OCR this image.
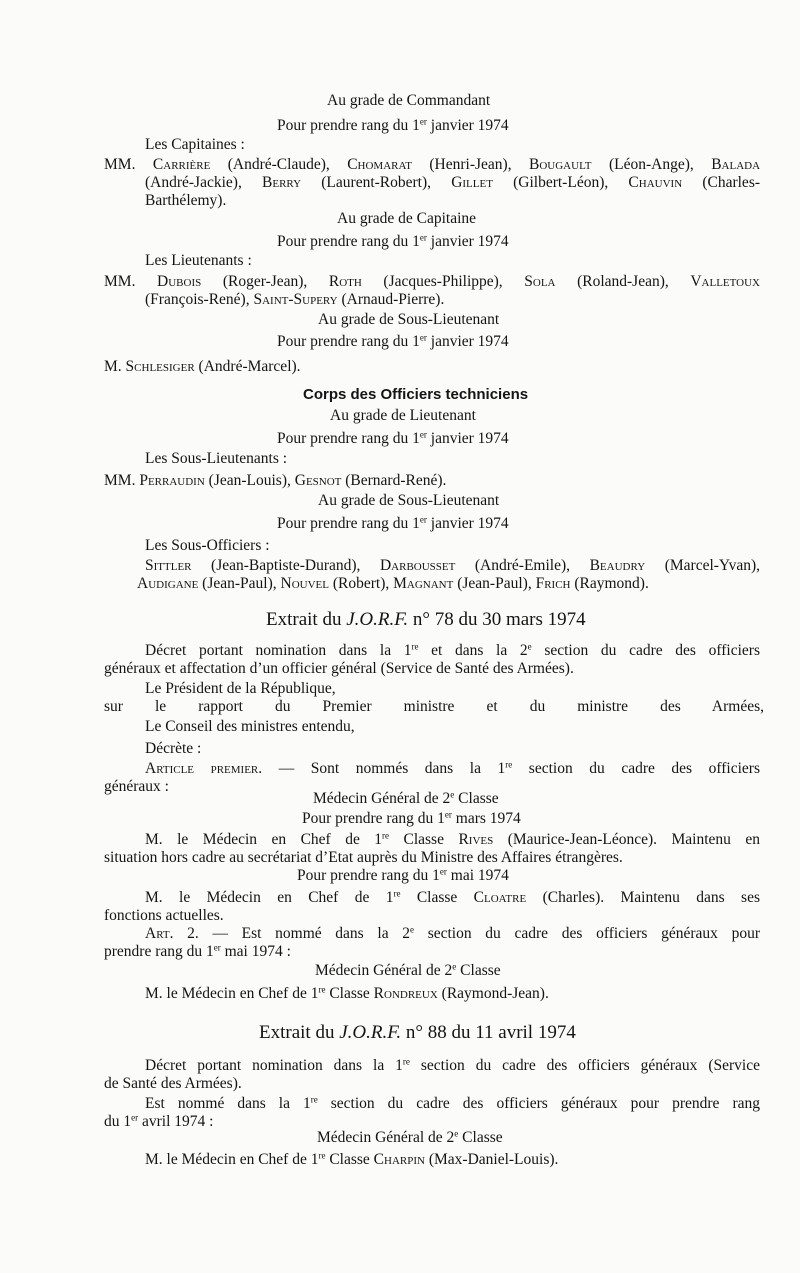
Au grade de Commandant
Pour prendre rang du 1er janvier 1974
Les Capitaines :
MM. Carrière (André-Claude), Chomarat (Henri-Jean), Bougault (Léon-Ange), Balada
(André-Jackie), Berry (Laurent-Robert), Gillet (Gilbert-Léon), Chauvin (Charles-
Barthélemy).
Au grade de Capitaine
Pour prendre rang du 1er janvier 1974
Les Lieutenants :
MM. Dubois (Roger-Jean), Roth (Jacques-Philippe), Sola (Roland-Jean), Valletoux
(François-René), Saint-Supery (Arnaud-Pierre).
Au grade de Sous-Lieutenant
Pour prendre rang du 1er janvier 1974
M. Schlesiger (André-Marcel).
Corps des Officiers techniciens
Au grade de Lieutenant
Pour prendre rang du 1er janvier 1974
Les Sous-Lieutenants :
MM. Perraudin (Jean-Louis), Gesnot (Bernard-René).
Au grade de Sous-Lieutenant
Pour prendre rang du 1er janvier 1974
Les Sous-Officiers :
Sittler (Jean-Baptiste-Durand), Darbousset (André-Emile), Beaudry (Marcel-Yvan),
Audigane (Jean-Paul), Nouvel (Robert), Magnant (Jean-Paul), Frich (Raymond).
Extrait du J.O.R.F. n° 78 du 30 mars 1974
Décret portant nomination dans la 1re et dans la 2e section du cadre des officiers
généraux et affectation d’un officier général (Service de Santé des Armées).
Le Président de la République,
sur le rapport du Premier ministre et du ministre des Armées,
Le Conseil des ministres entendu,
Décrète :
Article premier. — Sont nommés dans la 1re section du cadre des officiers
généraux :
Médecin Général de 2e Classe
Pour prendre rang du 1er mars 1974
M. le Médecin en Chef de 1re Classe Rives (Maurice-Jean-Léonce). Maintenu en
situation hors cadre au secrétariat d’Etat auprès du Ministre des Affaires étrangères.
Pour prendre rang du 1er mai 1974
M. le Médecin en Chef de 1re Classe Cloatre (Charles). Maintenu dans ses
fonctions actuelles.
Art. 2. — Est nommé dans la 2e section du cadre des officiers généraux pour
prendre rang du 1er mai 1974 :
Médecin Général de 2e Classe
M. le Médecin en Chef de 1re Classe Rondreux (Raymond-Jean).
Extrait du J.O.R.F. n° 88 du 11 avril 1974
Décret portant nomination dans la 1re section du cadre des officiers généraux (Service
de Santé des Armées).
Est nommé dans la 1re section du cadre des officiers généraux pour prendre rang
du 1er avril 1974 :
Médecin Général de 2e Classe
M. le Médecin en Chef de 1re Classe Charpin (Max-Daniel-Louis).
